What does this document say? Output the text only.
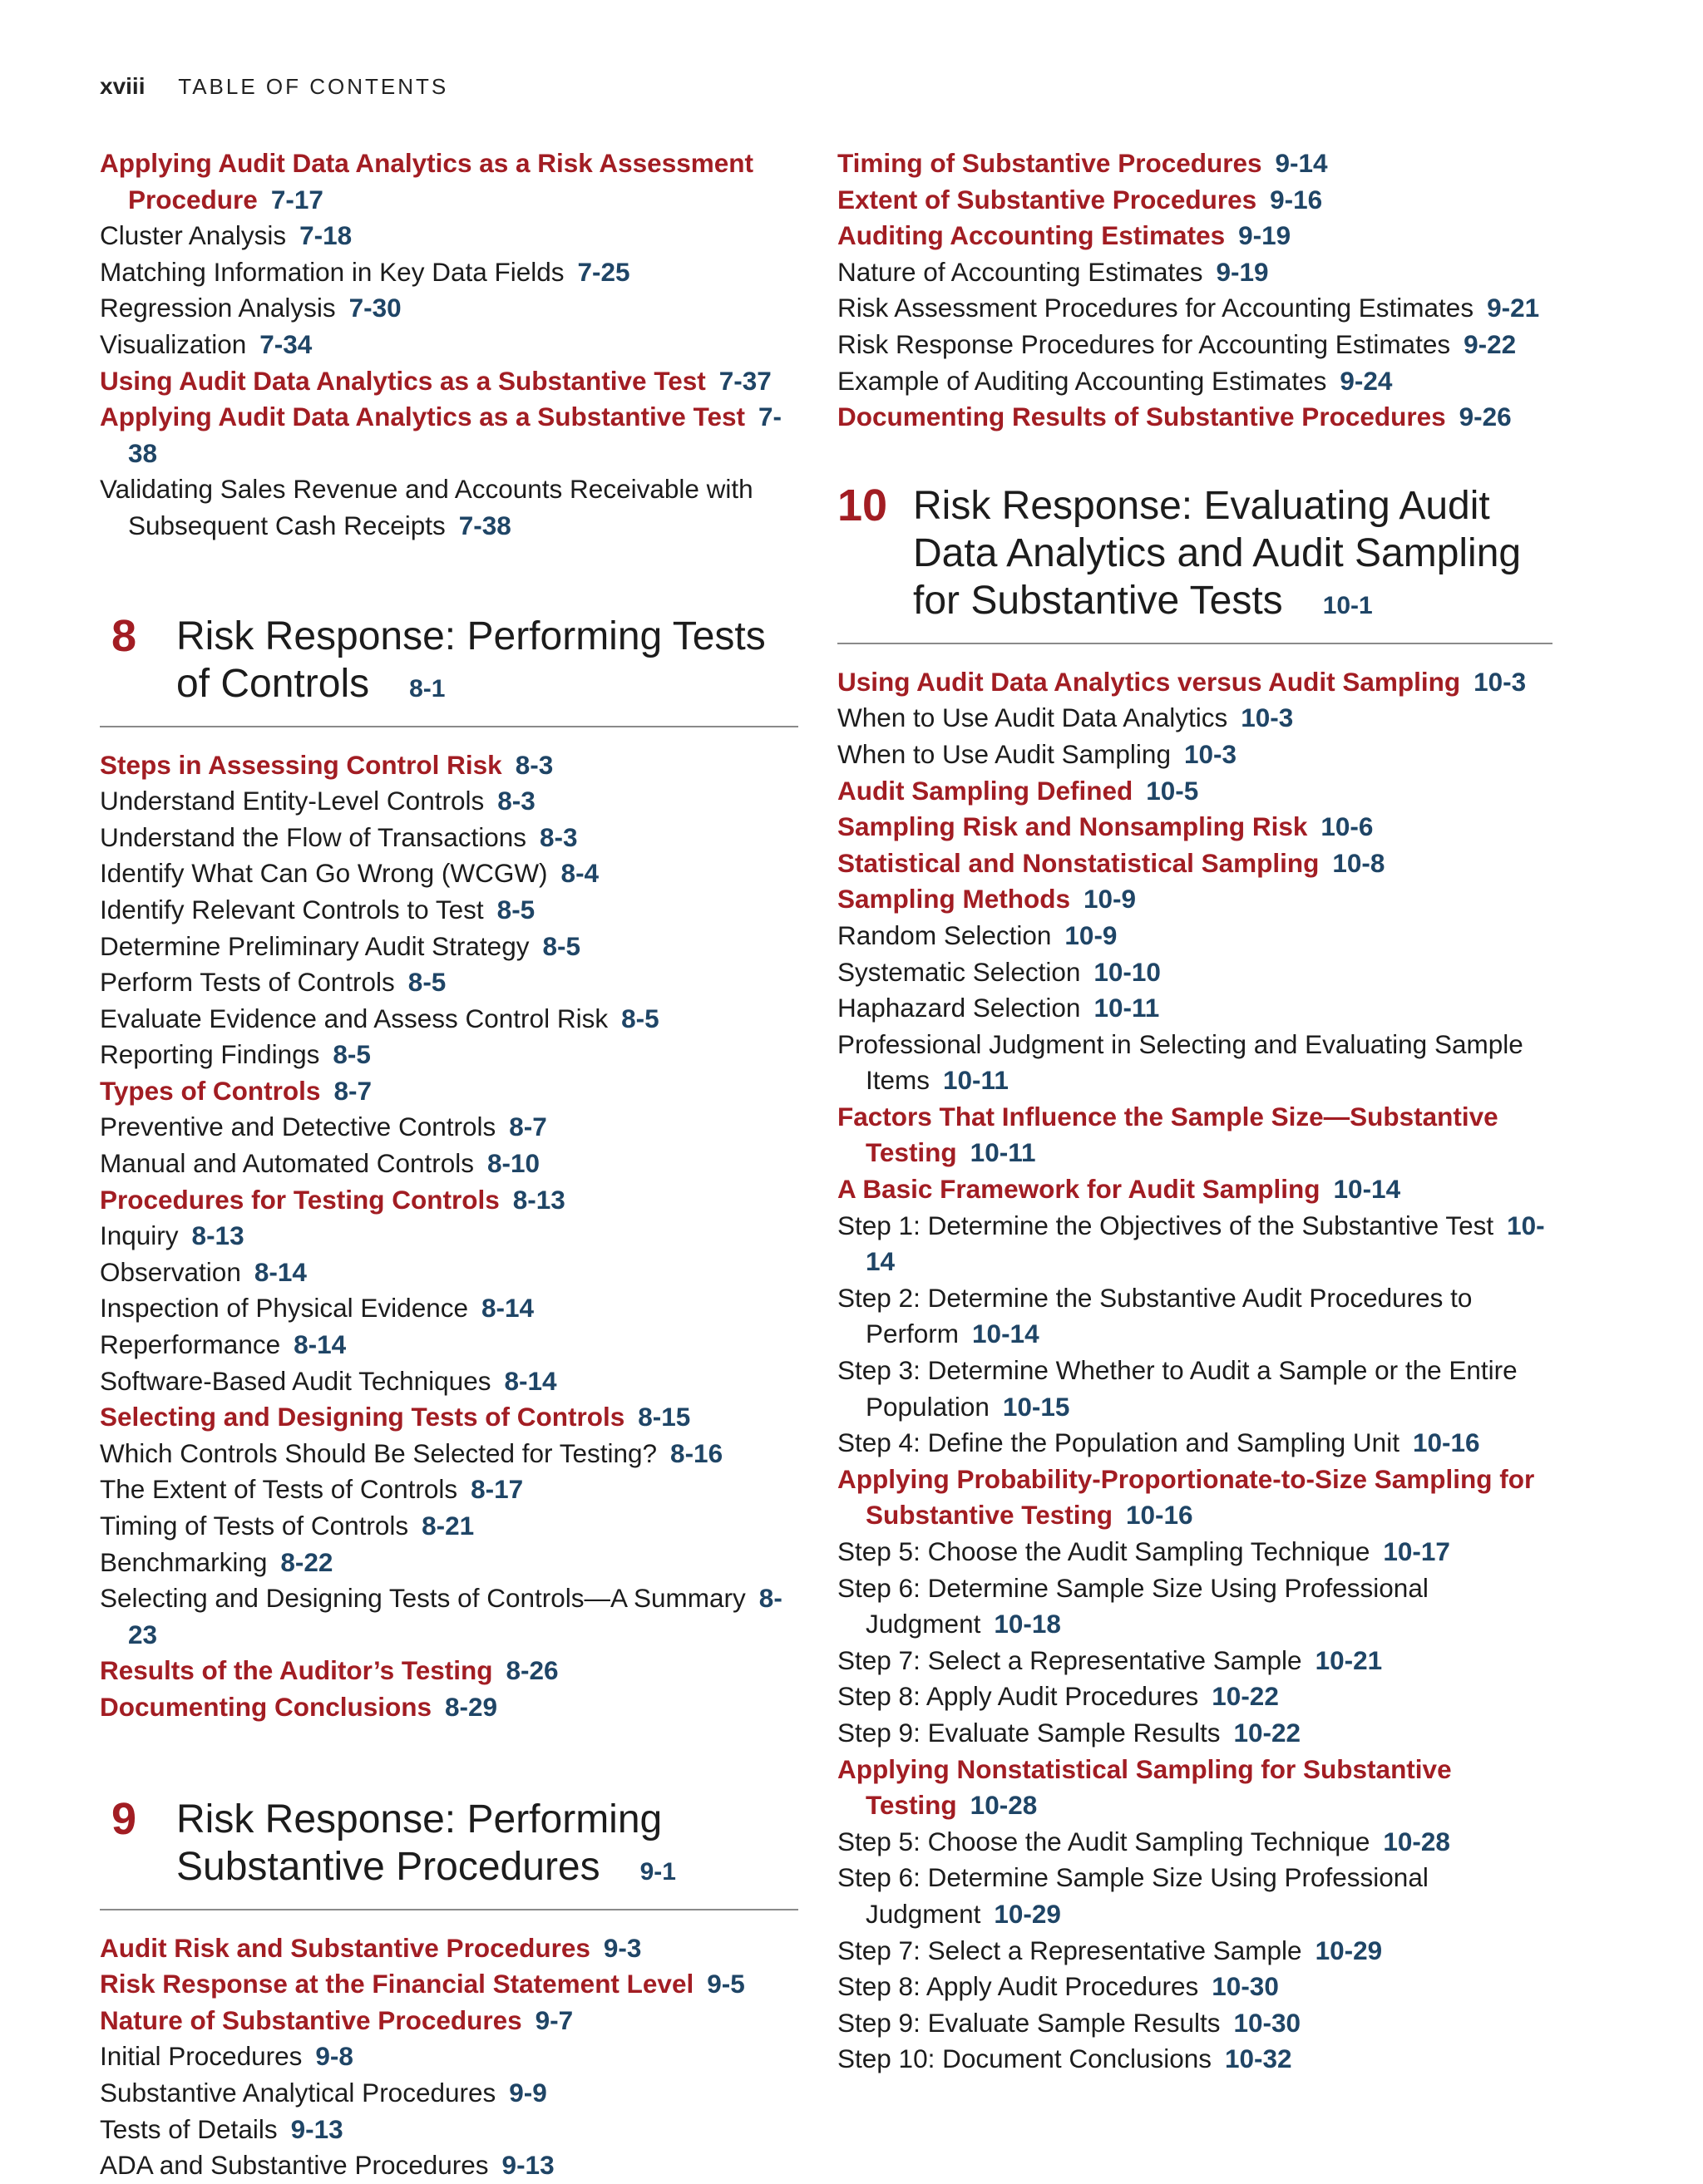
xviii TABLE OF CONTENTS
Applying Audit Data Analytics as a Risk Assessment Procedure 7-17
Cluster Analysis 7-18
Matching Information in Key Data Fields 7-25
Regression Analysis 7-30
Visualization 7-34
Using Audit Data Analytics as a Substantive Test 7-37
Applying Audit Data Analytics as a Substantive Test 7-38
Validating Sales Revenue and Accounts Receivable with Subsequent Cash Receipts 7-38
8 Risk Response: Performing Tests
of Controls 8-1
Steps in Assessing Control Risk 8-3
Understand Entity-Level Controls 8-3
Understand the Flow of Transactions 8-3
Identify What Can Go Wrong (WCGW) 8-4
Identify Relevant Controls to Test 8-5
Determine Preliminary Audit Strategy 8-5
Perform Tests of Controls 8-5
Evaluate Evidence and Assess Control Risk 8-5
Reporting Findings 8-5
Types of Controls 8-7
Preventive and Detective Controls 8-7
Manual and Automated Controls 8-10
Procedures for Testing Controls 8-13
Inquiry 8-13
Observation 8-14
Inspection of Physical Evidence 8-14
Reperformance 8-14
Software-Based Audit Techniques 8-14
Selecting and Designing Tests of Controls 8-15
Which Controls Should Be Selected for Testing? 8-16
The Extent of Tests of Controls 8-17
Timing of Tests of Controls 8-21
Benchmarking 8-22
Selecting and Designing Tests of Controls—A Summary 8-23
Results of the Auditor’s Testing 8-26
Documenting Conclusions 8-29
9 Risk Response: Performing
Substantive Procedures 9-1
Audit Risk and Substantive Procedures 9-3
Risk Response at the Financial Statement Level 9-5
Nature of Substantive Procedures 9-7
Initial Procedures 9-8
Substantive Analytical Procedures 9-9
Tests of Details 9-13
ADA and Substantive Procedures 9-13
Timing of Substantive Procedures 9-14
Extent of Substantive Procedures 9-16
Auditing Accounting Estimates 9-19
Nature of Accounting Estimates 9-19
Risk Assessment Procedures for Accounting Estimates 9-21
Risk Response Procedures for Accounting Estimates 9-22
Example of Auditing Accounting Estimates 9-24
Documenting Results of Substantive Procedures 9-26
10 Risk Response: Evaluating Audit
Data Analytics and Audit Sampling
for Substantive Tests 10-1
Using Audit Data Analytics versus Audit Sampling 10-3
When to Use Audit Data Analytics 10-3
When to Use Audit Sampling 10-3
Audit Sampling Defined 10-5
Sampling Risk and Nonsampling Risk 10-6
Statistical and Nonstatistical Sampling 10-8
Sampling Methods 10-9
Random Selection 10-9
Systematic Selection 10-10
Haphazard Selection 10-11
Professional Judgment in Selecting and Evaluating Sample Items 10-11
Factors That Influence the Sample Size—Substantive Testing 10-11
A Basic Framework for Audit Sampling 10-14
Step 1: Determine the Objectives of the Substantive Test 10-14
Step 2: Determine the Substantive Audit Procedures to Perform 10-14
Step 3: Determine Whether to Audit a Sample or the Entire Population 10-15
Step 4: Define the Population and Sampling Unit 10-16
Applying Probability-Proportionate-to-Size Sampling for Substantive Testing 10-16
Step 5: Choose the Audit Sampling Technique 10-17
Step 6: Determine Sample Size Using Professional Judgment 10-18
Step 7: Select a Representative Sample 10-21
Step 8: Apply Audit Procedures 10-22
Step 9: Evaluate Sample Results 10-22
Applying Nonstatistical Sampling for Substantive Testing 10-28
Step 5: Choose the Audit Sampling Technique 10-28
Step 6: Determine Sample Size Using Professional Judgment 10-29
Step 7: Select a Representative Sample 10-29
Step 8: Apply Audit Procedures 10-30
Step 9: Evaluate Sample Results 10-30
Step 10: Document Conclusions 10-32
